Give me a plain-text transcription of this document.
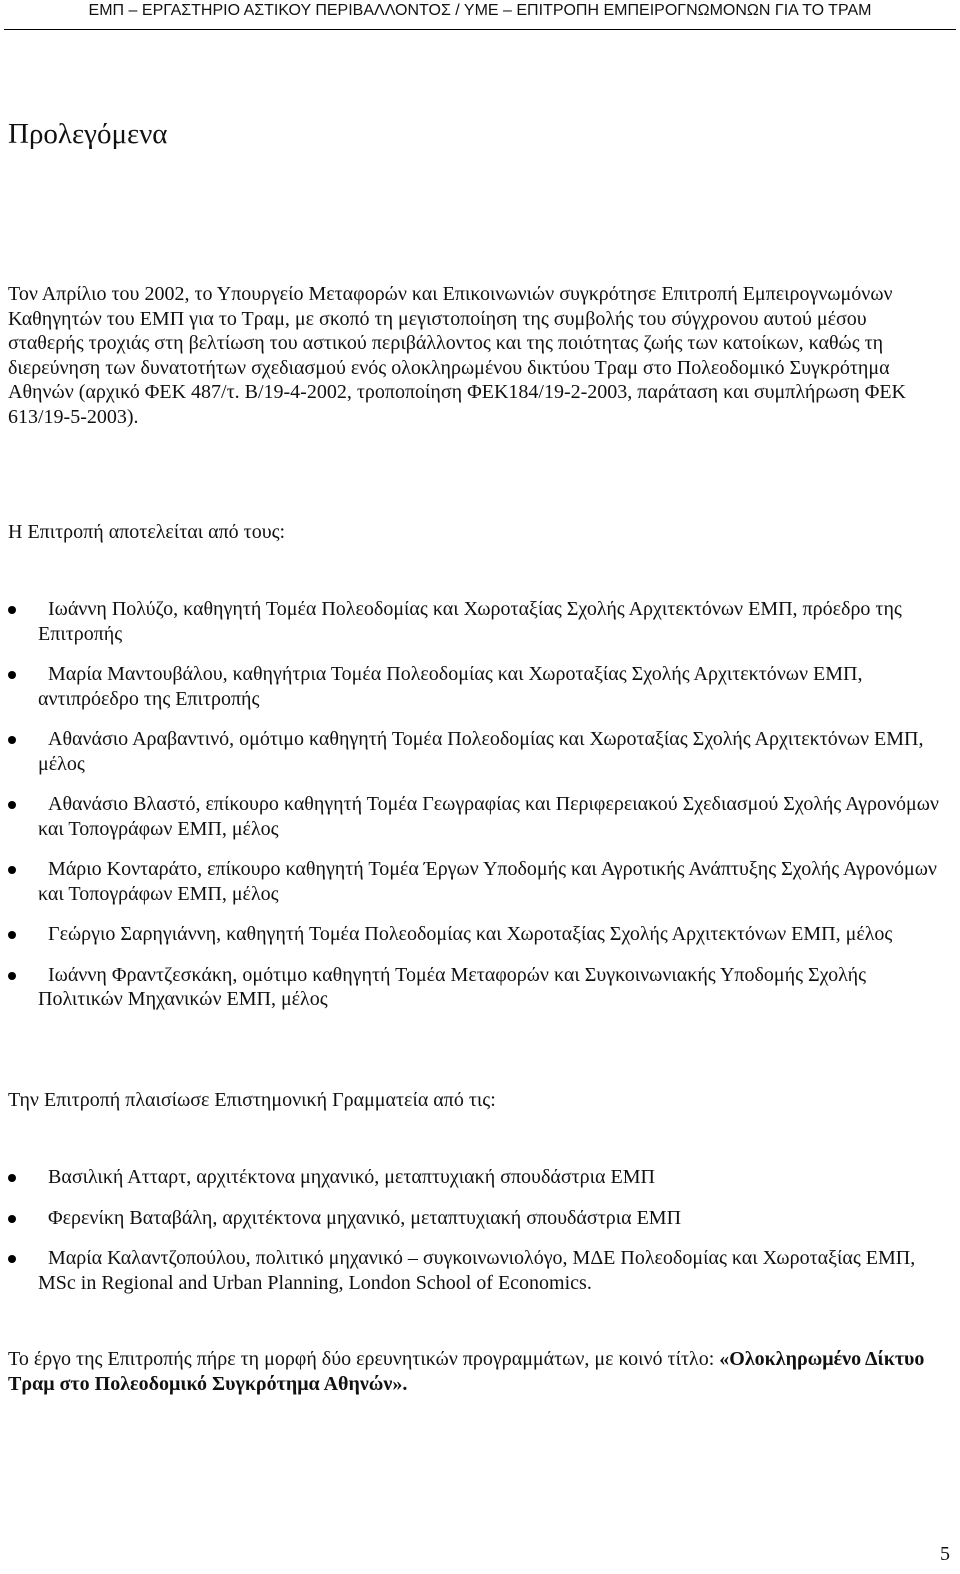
ΕΜΠ – ΕΡΓΑΣΤΗΡΙΟ ΑΣΤΙΚΟΥ ΠΕΡΙΒΑΛΛΟΝΤΟΣ / ΥΜΕ – ΕΠΙΤΡΟΠΗ ΕΜΠΕΙΡΟΓΝΩΜΟΝΩΝ ΓΙΑ ΤΟ ΤΡΑΜ
Προλεγόμενα

Τον Απρίλιο του 2002, το Υπουργείο Μεταφορών και Επικοινωνιών συγκρότησε Επιτροπή Εμπειρογνωμόνων Καθηγητών του ΕΜΠ για το Τραμ, με σκοπό τη μεγιστοποίηση της συμβολής του σύγχρονου αυτού μέσου σταθερής τροχιάς στη βελτίωση του αστικού περιβάλλοντος και της ποιότητας ζωής των κατοίκων, καθώς τη διερεύνηση των δυνατοτήτων σχεδιασμού ενός ολοκληρωμένου δικτύου Τραμ στο Πολεοδομικό Συγκρότημα Αθηνών (αρχικό ΦΕΚ 487/τ. Β/19-4-2002, τροποποίηση ΦΕΚ184/19-2-2003, παράταση και συμπλήρωση ΦΕΚ 613/19-5-2003).

Η Επιτροπή αποτελείται από τους:

Ιωάννη Πολύζο, καθηγητή Τομέα Πολεοδομίας και Χωροταξίας Σχολής Αρχιτεκτόνων ΕΜΠ, πρόεδρο της Επιτροπής
Μαρία Μαντουβάλου, καθηγήτρια Τομέα Πολεοδομίας και Χωροταξίας Σχολής Αρχιτεκτόνων ΕΜΠ, αντιπρόεδρο της Επιτροπής
Αθανάσιο Αραβαντινό, ομότιμο καθηγητή Τομέα Πολεοδομίας και Χωροταξίας Σχολής Αρχιτεκτόνων ΕΜΠ, μέλος
Αθανάσιο Βλαστό, επίκουρο καθηγητή Τομέα Γεωγραφίας και Περιφερειακού Σχεδιασμού Σχολής Αγρονόμων και Τοπογράφων ΕΜΠ, μέλος
Μάριο Κονταράτο, επίκουρο καθηγητή Τομέα Έργων Υποδομής και Αγροτικής Ανάπτυξης Σχολής Αγρονόμων και Τοπογράφων ΕΜΠ, μέλος
Γεώργιο Σαρηγιάννη, καθηγητή Τομέα Πολεοδομίας και Χωροταξίας Σχολής Αρχιτεκτόνων ΕΜΠ, μέλος
Ιωάννη Φραντζεσκάκη, ομότιμο καθηγητή Τομέα Μεταφορών και Συγκοινωνιακής Υποδομής Σχολής Πολιτικών Μηχανικών ΕΜΠ, μέλος

Την Επιτροπή πλαισίωσε Επιστημονική Γραμματεία από τις:

Βασιλική Ατταρτ, αρχιτέκτονα μηχανικό, μεταπτυχιακή σπουδάστρια ΕΜΠ
Φερενίκη Βαταβάλη, αρχιτέκτονα μηχανικό, μεταπτυχιακή σπουδάστρια ΕΜΠ
Μαρία Καλαντζοπούλου, πολιτικό μηχανικό – συγκοινωνιολόγο, ΜΔΕ Πολεοδομίας και Χωροταξίας ΕΜΠ, MSc in Regional and Urban Planning, London School of Economics.

Το έργο της Επιτροπής πήρε τη μορφή δύο ερευνητικών προγραμμάτων, με κοινό τίτλο: «Ολοκληρωμένο Δίκτυο Τραμ στο Πολεοδομικό Συγκρότημα Αθηνών».

5
